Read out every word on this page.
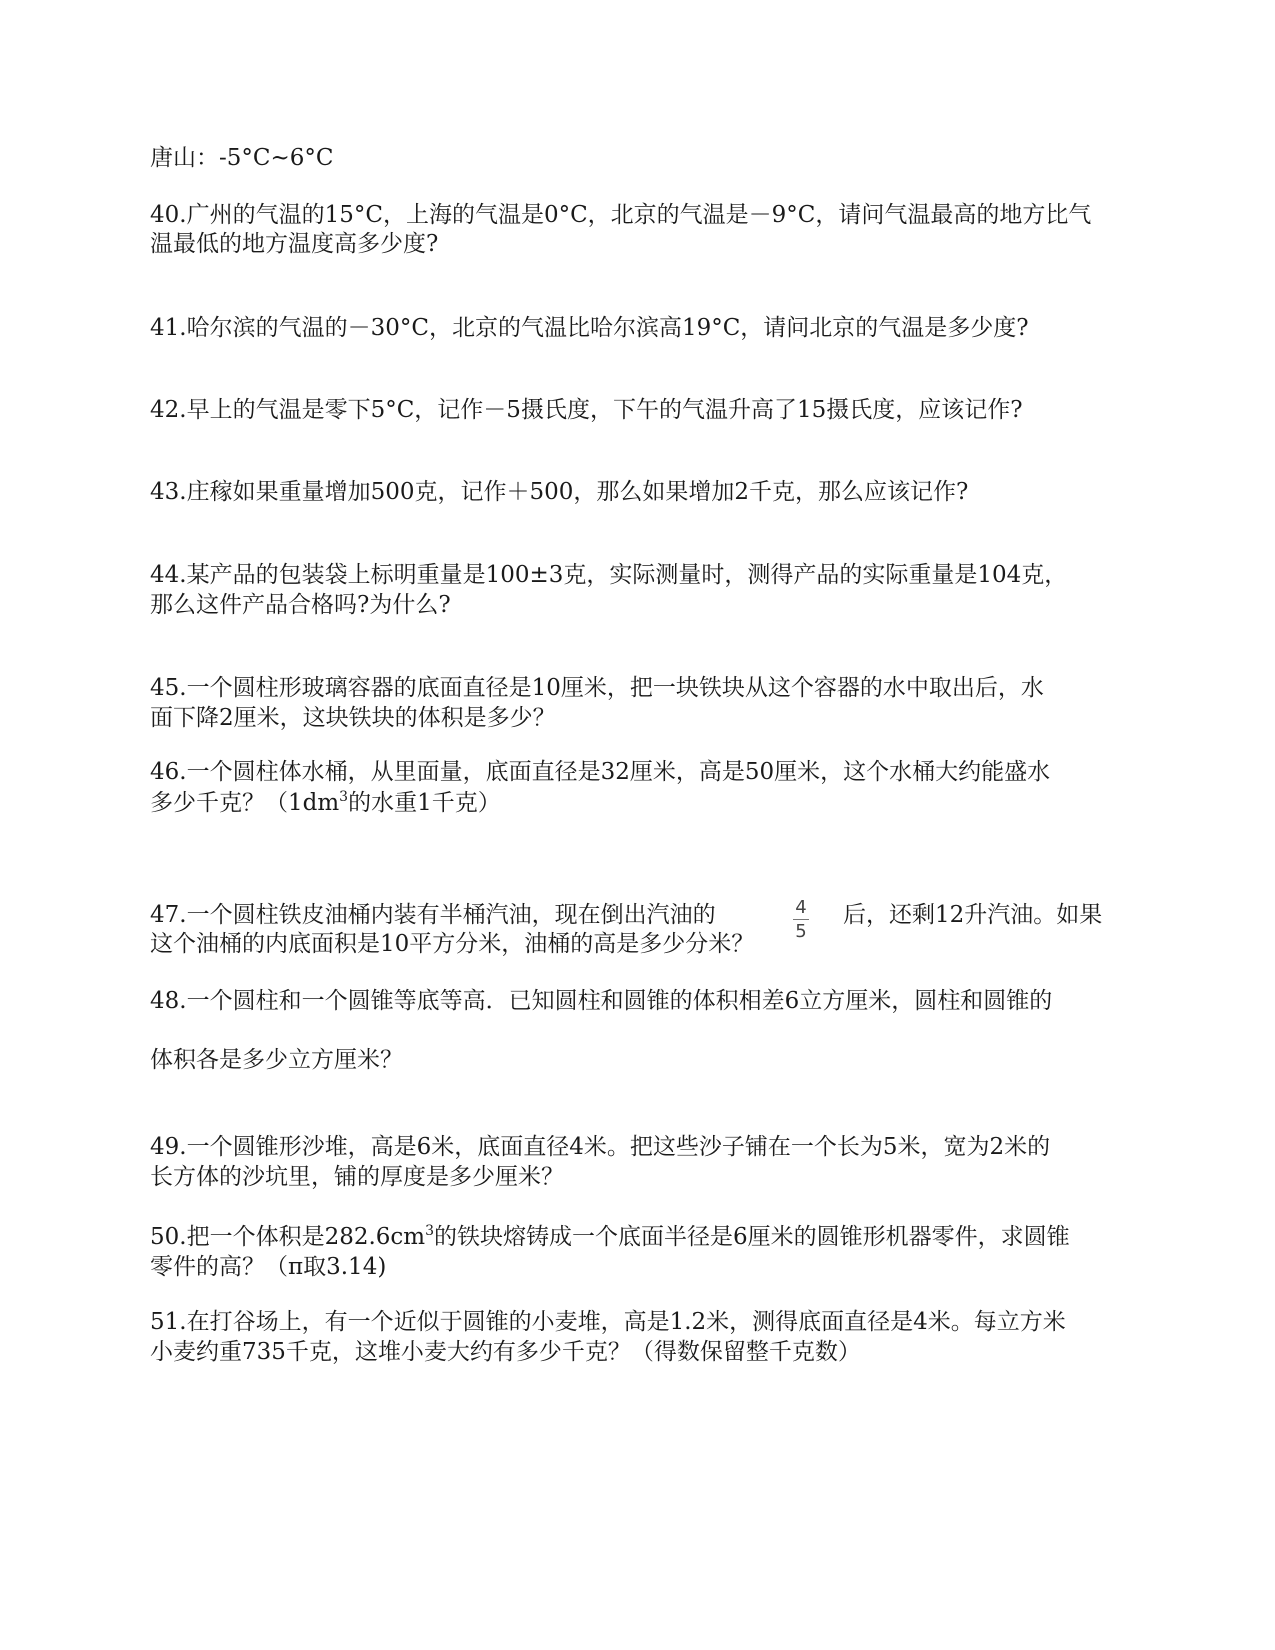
唐山：-5°C~6°C
40.广州的气温的15°C，上海的气温是0°C，北京的气温是－9°C，请问气温最高的地方比气
温最低的地方温度高多少度?
41.哈尔滨的气温的－30°C，北京的气温比哈尔滨高19°C，请问北京的气温是多少度?
42.早上的气温是零下5°C，记作－5摄氏度，下午的气温升高了15摄氏度，应该记作?
43.庄稼如果重量增加500克，记作＋500，那么如果增加2千克，那么应该记作?
44.某产品的包装袋上标明重量是100±3克，实际测量时，测得产品的实际重量是104克，
那么这件产品合格吗?为什么?
45.一个圆柱形玻璃容器的底面直径是10厘米，把一块铁块从这个容器的水中取出后，水
面下降2厘米，这块铁块的体积是多少？
46.一个圆柱体水桶，从里面量，底面直径是32厘米，高是50厘米，这个水桶大约能盛水
多少千克？（$1dm^3$的水重1千克）
4
5
47.一个圆柱铁皮油桶内装有半桶汽油，现在倒出汽油的	后，还剩12升汽油。如果
这个油桶的内底面积是10平方分米，油桶的高是多少分米？
48.一个圆柱和一个圆锥等底等高．已知圆柱和圆锥的体积相差6立方厘米，圆柱和圆锥的
体积各是多少立方厘米？
49.一个圆锥形沙堆，高是6米，底面直径4米。把这些沙子铺在一个长为5米，宽为2米的
长方体的沙坑里，铺的厚度是多少厘米？
50.把一个体积是$282.6cm^3$的铁块熔铸成一个底面半径是6厘米的圆锥形机器零件，求圆锥
零件的高？（π取3.14)
51.在打谷场上，有一个近似于圆锥的小麦堆，高是1.2米，测得底面直径是4米。每立方米
小麦约重735千克，这堆小麦大约有多少千克？（得数保留整千克数）
